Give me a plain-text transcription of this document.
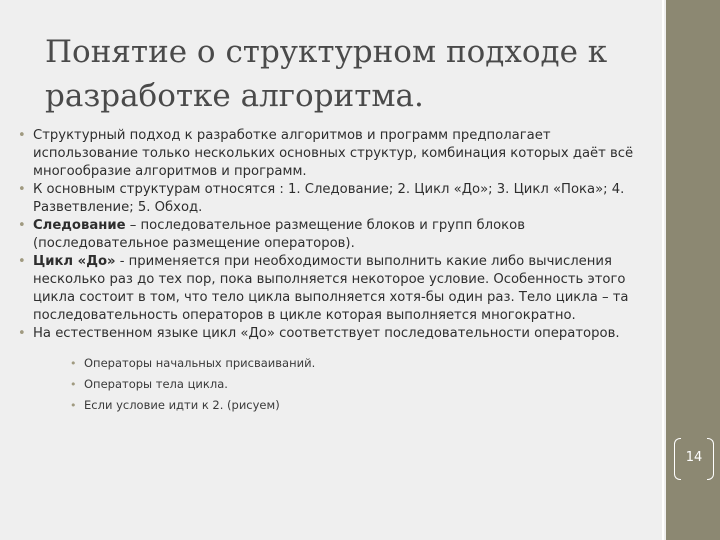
Понятие о структурном подходе к разработке алгоритма.
• Структурный подход к разработке алгоритмов и программ предполагает использование только нескольких основных структур, комбинация которых даёт всё многообразие алгоритмов и программ.
• К основным структурам относятся : 1. Следование; 2. Цикл «До»; 3. Цикл «Пока»; 4. Разветвление; 5. Обход.
• Следование – последовательное размещение блоков и групп блоков (последовательное размещение операторов).
• Цикл «До» - применяется при необходимости выполнить какие либо вычисления несколько раз до тех пор, пока выполняется некоторое условие. Особенность этого цикла состоит в том, что тело цикла выполняется хотя-бы один раз. Тело цикла – та последовательность операторов в цикле которая выполняется многократно.
• На естественном языке цикл «До» соответствует последовательности операторов.
• Операторы начальных присваиваний.
• Операторы тела цикла.
• Если условие идти к 2. (рисуем)
14
